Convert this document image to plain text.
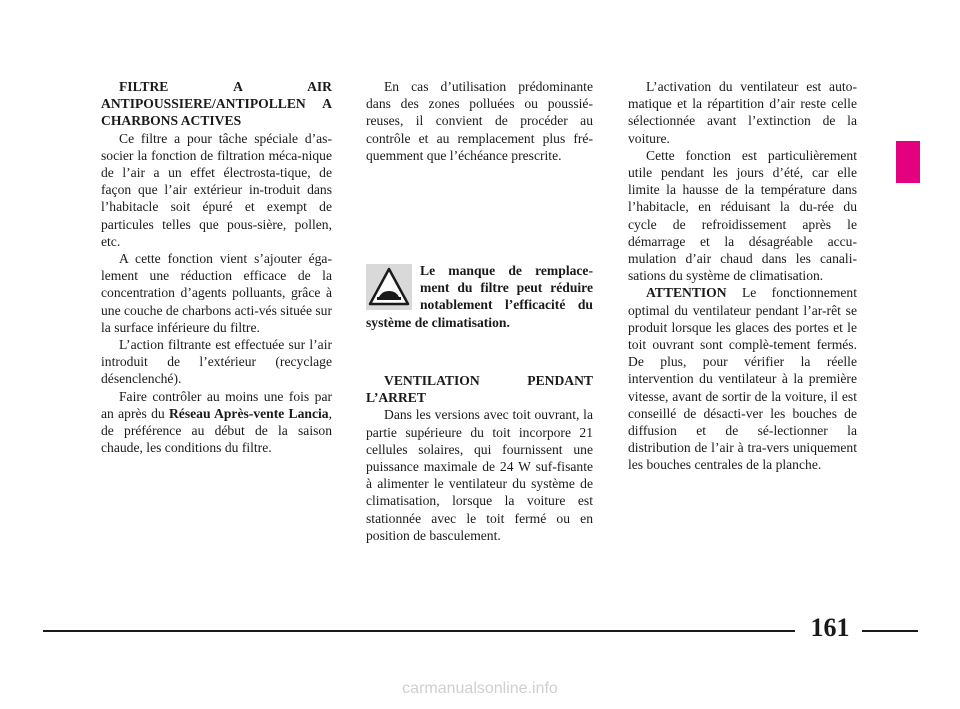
FILTRE A AIR ANTIPOUSSIERE/ANTIPOLLEN A CHARBONS ACTIVES

Ce filtre a pour tâche spéciale d’as-socier la fonction de filtration méca-nique de l’air a un effet électrosta-tique, de façon que l’air extérieur in-troduit dans l’habitacle soit épuré et exempt de particules telles que pous-sière, pollen, etc.

A cette fonction vient s’ajouter éga-lement une réduction efficace de la concentration d’agents polluants, grâce à une couche de charbons acti-vés située sur la surface inférieure du filtre.

L’action filtrante est effectuée sur l’air introduit de l’extérieur (recyclage désenclenché).

Faire contrôler au moins une fois par an après du Réseau Après-vente Lancia, de préférence au début de la saison chaude, les conditions du filtre.

En cas d’utilisation prédominante dans des zones polluées ou poussié-reuses, il convient de procéder au contrôle et au remplacement plus fré-quemment que l’échéance prescrite.

Le manque de remplace-ment du filtre peut réduire notablement l’efficacité du système de climatisation.

VENTILATION PENDANT L’ARRET

Dans les versions avec toit ouvrant, la partie supérieure du toit incorpore 21 cellules solaires, qui fournissent une puissance maximale de 24 W suf-fisante à alimenter le ventilateur du système de climatisation, lorsque la voiture est stationnée avec le toit fermé ou en position de basculement.

L’activation du ventilateur est auto-matique et la répartition d’air reste celle sélectionnée avant l’extinction de la voiture.

Cette fonction est particulièrement utile pendant les jours d’été, car elle limite la hausse de la température dans l’habitacle, en réduisant la du-rée du cycle de refroidissement après le démarrage et la désagréable accu-mulation d’air chaud dans les canali-sations du système de climatisation.

ATTENTION Le fonctionnement optimal du ventilateur pendant l’ar-rêt se produit lorsque les glaces des portes et le toit ouvrant sont complè-tement fermés. De plus, pour vérifier la réelle intervention du ventilateur à la première vitesse, avant de sortir de la voiture, il est conseillé de désacti-ver les bouches de diffusion et de sé-lectionner la distribution de l’air à tra-vers uniquement les bouches centrales de la planche.

161
carmanualsonline.info
